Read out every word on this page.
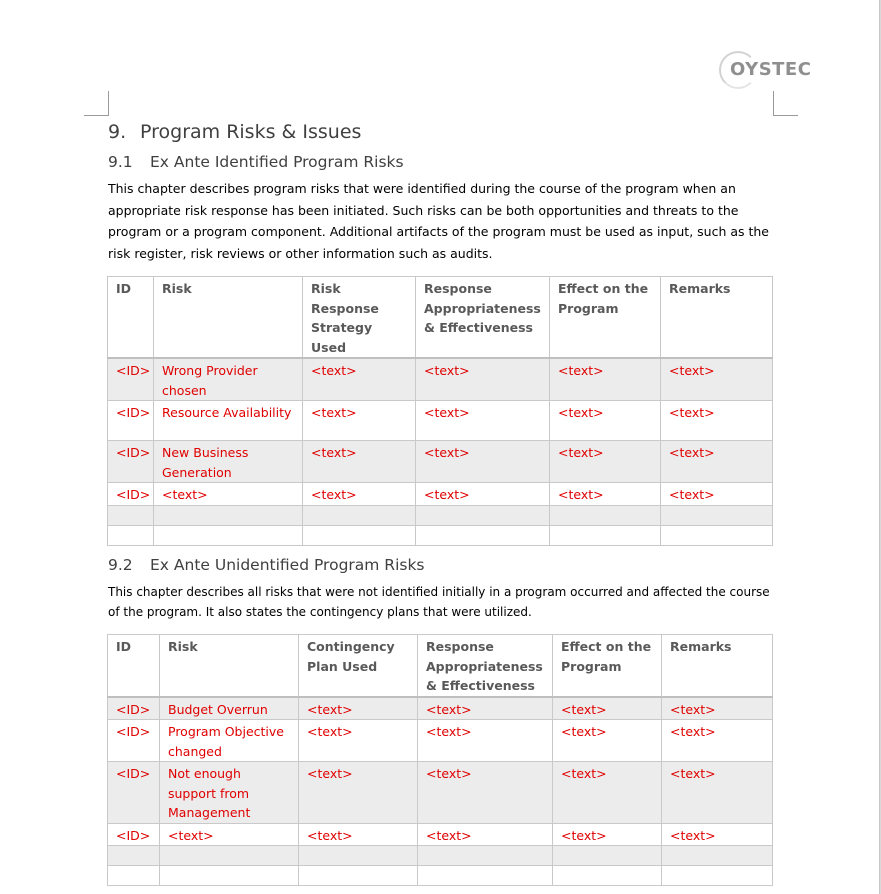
OYSTEC
9. Program Risks & Issues
9.1 Ex Ante Identified Program Risks

This chapter describes program risks that were identified during the course of the program when an appropriate risk response has been initiated. Such risks can be both opportunities and threats to the program or a program component. Additional artifacts of the program must be used as input, such as the risk register, risk reviews or other information such as audits.

ID	Risk	Risk Response Strategy Used	Response Appropriateness & Effectiveness	Effect on the Program	Remarks
<ID>	Wrong Provider chosen	<text>	<text>	<text>	<text>
<ID>	Resource Availability	<text>	<text>	<text>	<text>
<ID>	New Business Generation	<text>	<text>	<text>	<text>
<ID>	<text>	<text>	<text>	<text>	<text>

9.2 Ex Ante Unidentified Program Risks

This chapter describes all risks that were not identified initially in a program occurred and affected the course of the program. It also states the contingency plans that were utilized.

ID	Risk	Contingency Plan Used	Response Appropriateness & Effectiveness	Effect on the Program	Remarks
<ID>	Budget Overrun	<text>	<text>	<text>	<text>
<ID>	Program Objective changed	<text>	<text>	<text>	<text>
<ID>	Not enough support from Management	<text>	<text>	<text>	<text>
<ID>	<text>	<text>	<text>	<text>	<text>
